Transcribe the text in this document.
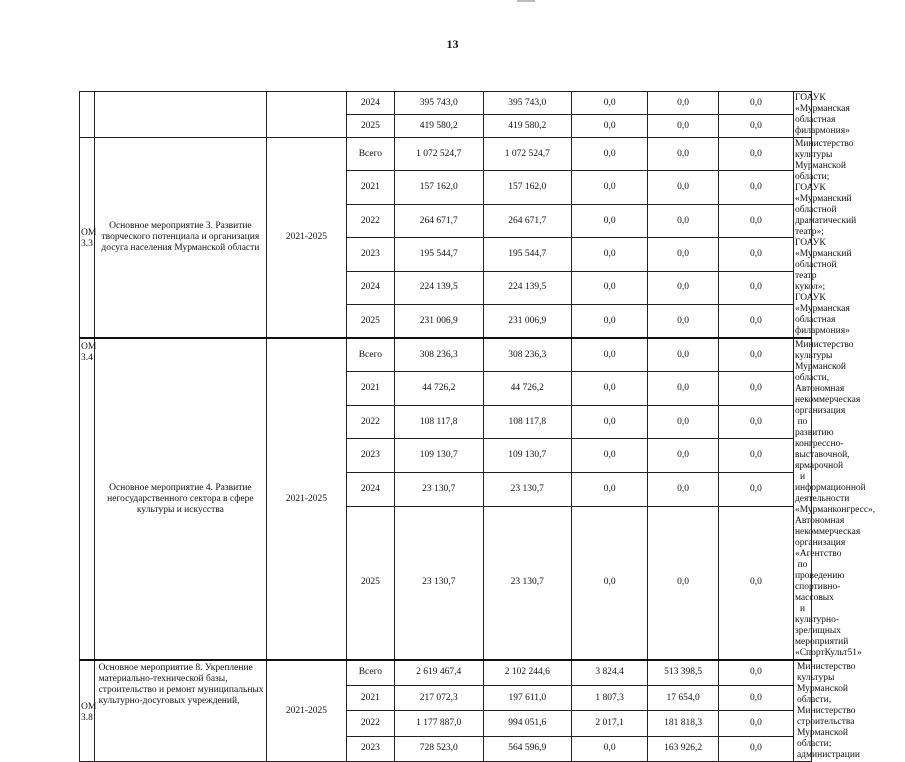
13
			2024	395 743,0	395 743,0	0,0	0,0	0,0	ГОАУК «Мурманская областная филармония»
			2025	419 580,2	419 580,2	0,0	0,0	0,0	
ОМ 3.3	Основное мероприятие 3. Развитие творческого потенциала и организация досуга населения Мурманской области	2021-2025	Всего	1 072 524,7	1 072 524,7	0,0	0,0	0,0	Министерство культуры Мурманской области; ГОАУК «Мурманский областной драматический театр»; ГОАУК «Мурманский областной театр кукол»; ГОАУК «Мурманская областная филармония»
			2021	157 162,0	157 162,0	0,0	0,0	0,0	
			2022	264 671,7	264 671,7	0,0	0,0	0,0	
			2023	195 544,7	195 544,7	0,0	0,0	0,0	
			2024	224 139,5	224 139,5	0,0	0,0	0,0	
			2025	231 006,9	231 006,9	0,0	0,0	0,0	
ОМ 3.4	Основное мероприятие 4. Развитие негосударственного сектора в сфере культуры и искусства	2021-2025	Всего	308 236,3	308 236,3	0,0	0,0	0,0	Министерство культуры Мурманской области, Автономная некоммерческая организация по развитию конгрессно-выставочной, ярмарочной и информационной деятельности «Мурманконгресс», Автономная некоммерческая организация «Агентство по проведению спортивно-массовых и культурно-зрелищных мероприятий «СпортКульт51»
			2021	44 726,2	44 726,2	0,0	0,0	0,0	
			2022	108 117,8	108 117,8	0,0	0,0	0,0	
			2023	109 130,7	109 130,7	0,0	0,0	0,0	
			2024	23 130,7	23 130,7	0,0	0,0	0,0	
			2025	23 130,7	23 130,7	0,0	0,0	0,0	
ОМ 3.8	Основное мероприятие 8. Укрепление материально-технической базы, строительство и ремонт муниципальных культурно-досуговых учреждений,	2021-2025	Всего	2 619 467,4	2 102 244,6	3 824,4	513 398,5	0,0	Министерство культуры Мурманской области, Министерство строительства Мурманской области; администрации
			2021	217 072,3	197 611,0	1 807,3	17 654,0	0,0	
			2022	1 177 887,0	994 051,6	2 017,1	181 818,3	0,0	
			2023	728 523,0	564 596,9	0,0	163 926,2	0,0	
